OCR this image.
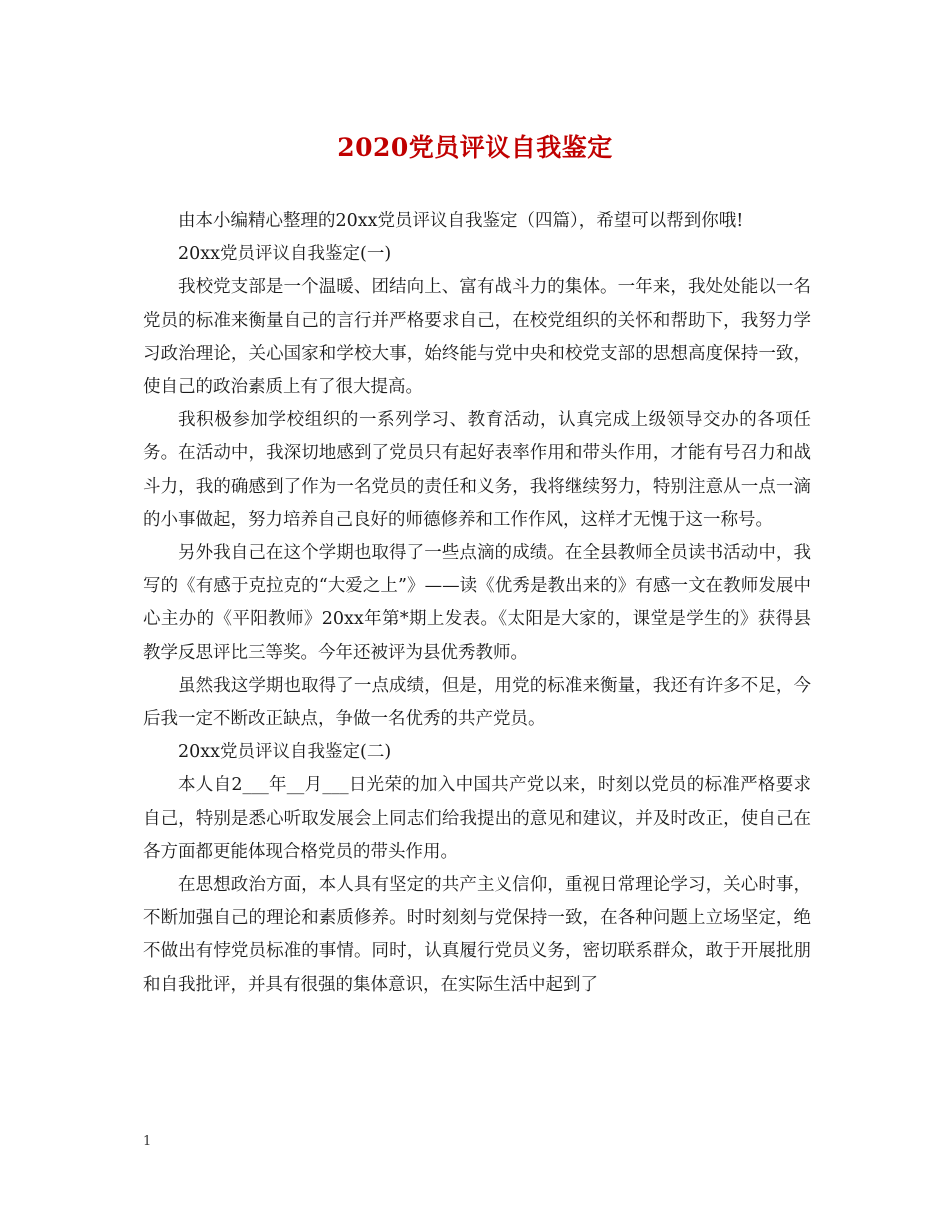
2020党员评议自我鉴定

由本小编精心整理的20xx党员评议自我鉴定（四篇），希望可以帮到你哦!

20xx党员评议自我鉴定(一)

我校党支部是一个温暖、团结向上、富有战斗力的集体。一年来，我处处能以一名党员的标准来衡量自己的言行并严格要求自己，在校党组织的关怀和帮助下，我努力学习政治理论，关心国家和学校大事，始终能与党中央和校党支部的思想高度保持一致，使自己的政治素质上有了很大提高。

我积极参加学校组织的一系列学习、教育活动，认真完成上级领导交办的各项任务。在活动中，我深切地感到了党员只有起好表率作用和带头作用，才能有号召力和战斗力，我的确感到了作为一名党员的责任和义务，我将继续努力，特别注意从一点一滴的小事做起，努力培养自己良好的师德修养和工作作风，这样才无愧于这一称号。

另外我自己在这个学期也取得了一些点滴的成绩。在全县教师全员读书活动中，我写的《有感于克拉克的“大爱之上”》——读《优秀是教出来的》有感一文在教师发展中心主办的《平阳教师》20xx年第*期上发表。《太阳是大家的，课堂是学生的》获得县教学反思评比三等奖。今年还被评为县优秀教师。

虽然我这学期也取得了一点成绩，但是，用党的标准来衡量，我还有许多不足，今后我一定不断改正缺点，争做一名优秀的共产党员。

20xx党员评议自我鉴定(二)

本人自2___年__月___日光荣的加入中国共产党以来，时刻以党员的标准严格要求自己，特别是悉心听取发展会上同志们给我提出的意见和建议，并及时改正，使自己在各方面都更能体现合格党员的带头作用。

在思想政治方面，本人具有坚定的共产主义信仰，重视日常理论学习，关心时事，不断加强自己的理论和素质修养。时时刻刻与党保持一致，在各种问题上立场坚定，绝不做出有悖党员标准的事情。同时，认真履行党员义务，密切联系群众，敢于开展批朋和自我批评，并具有很强的集体意识，在实际生活中起到了

1
